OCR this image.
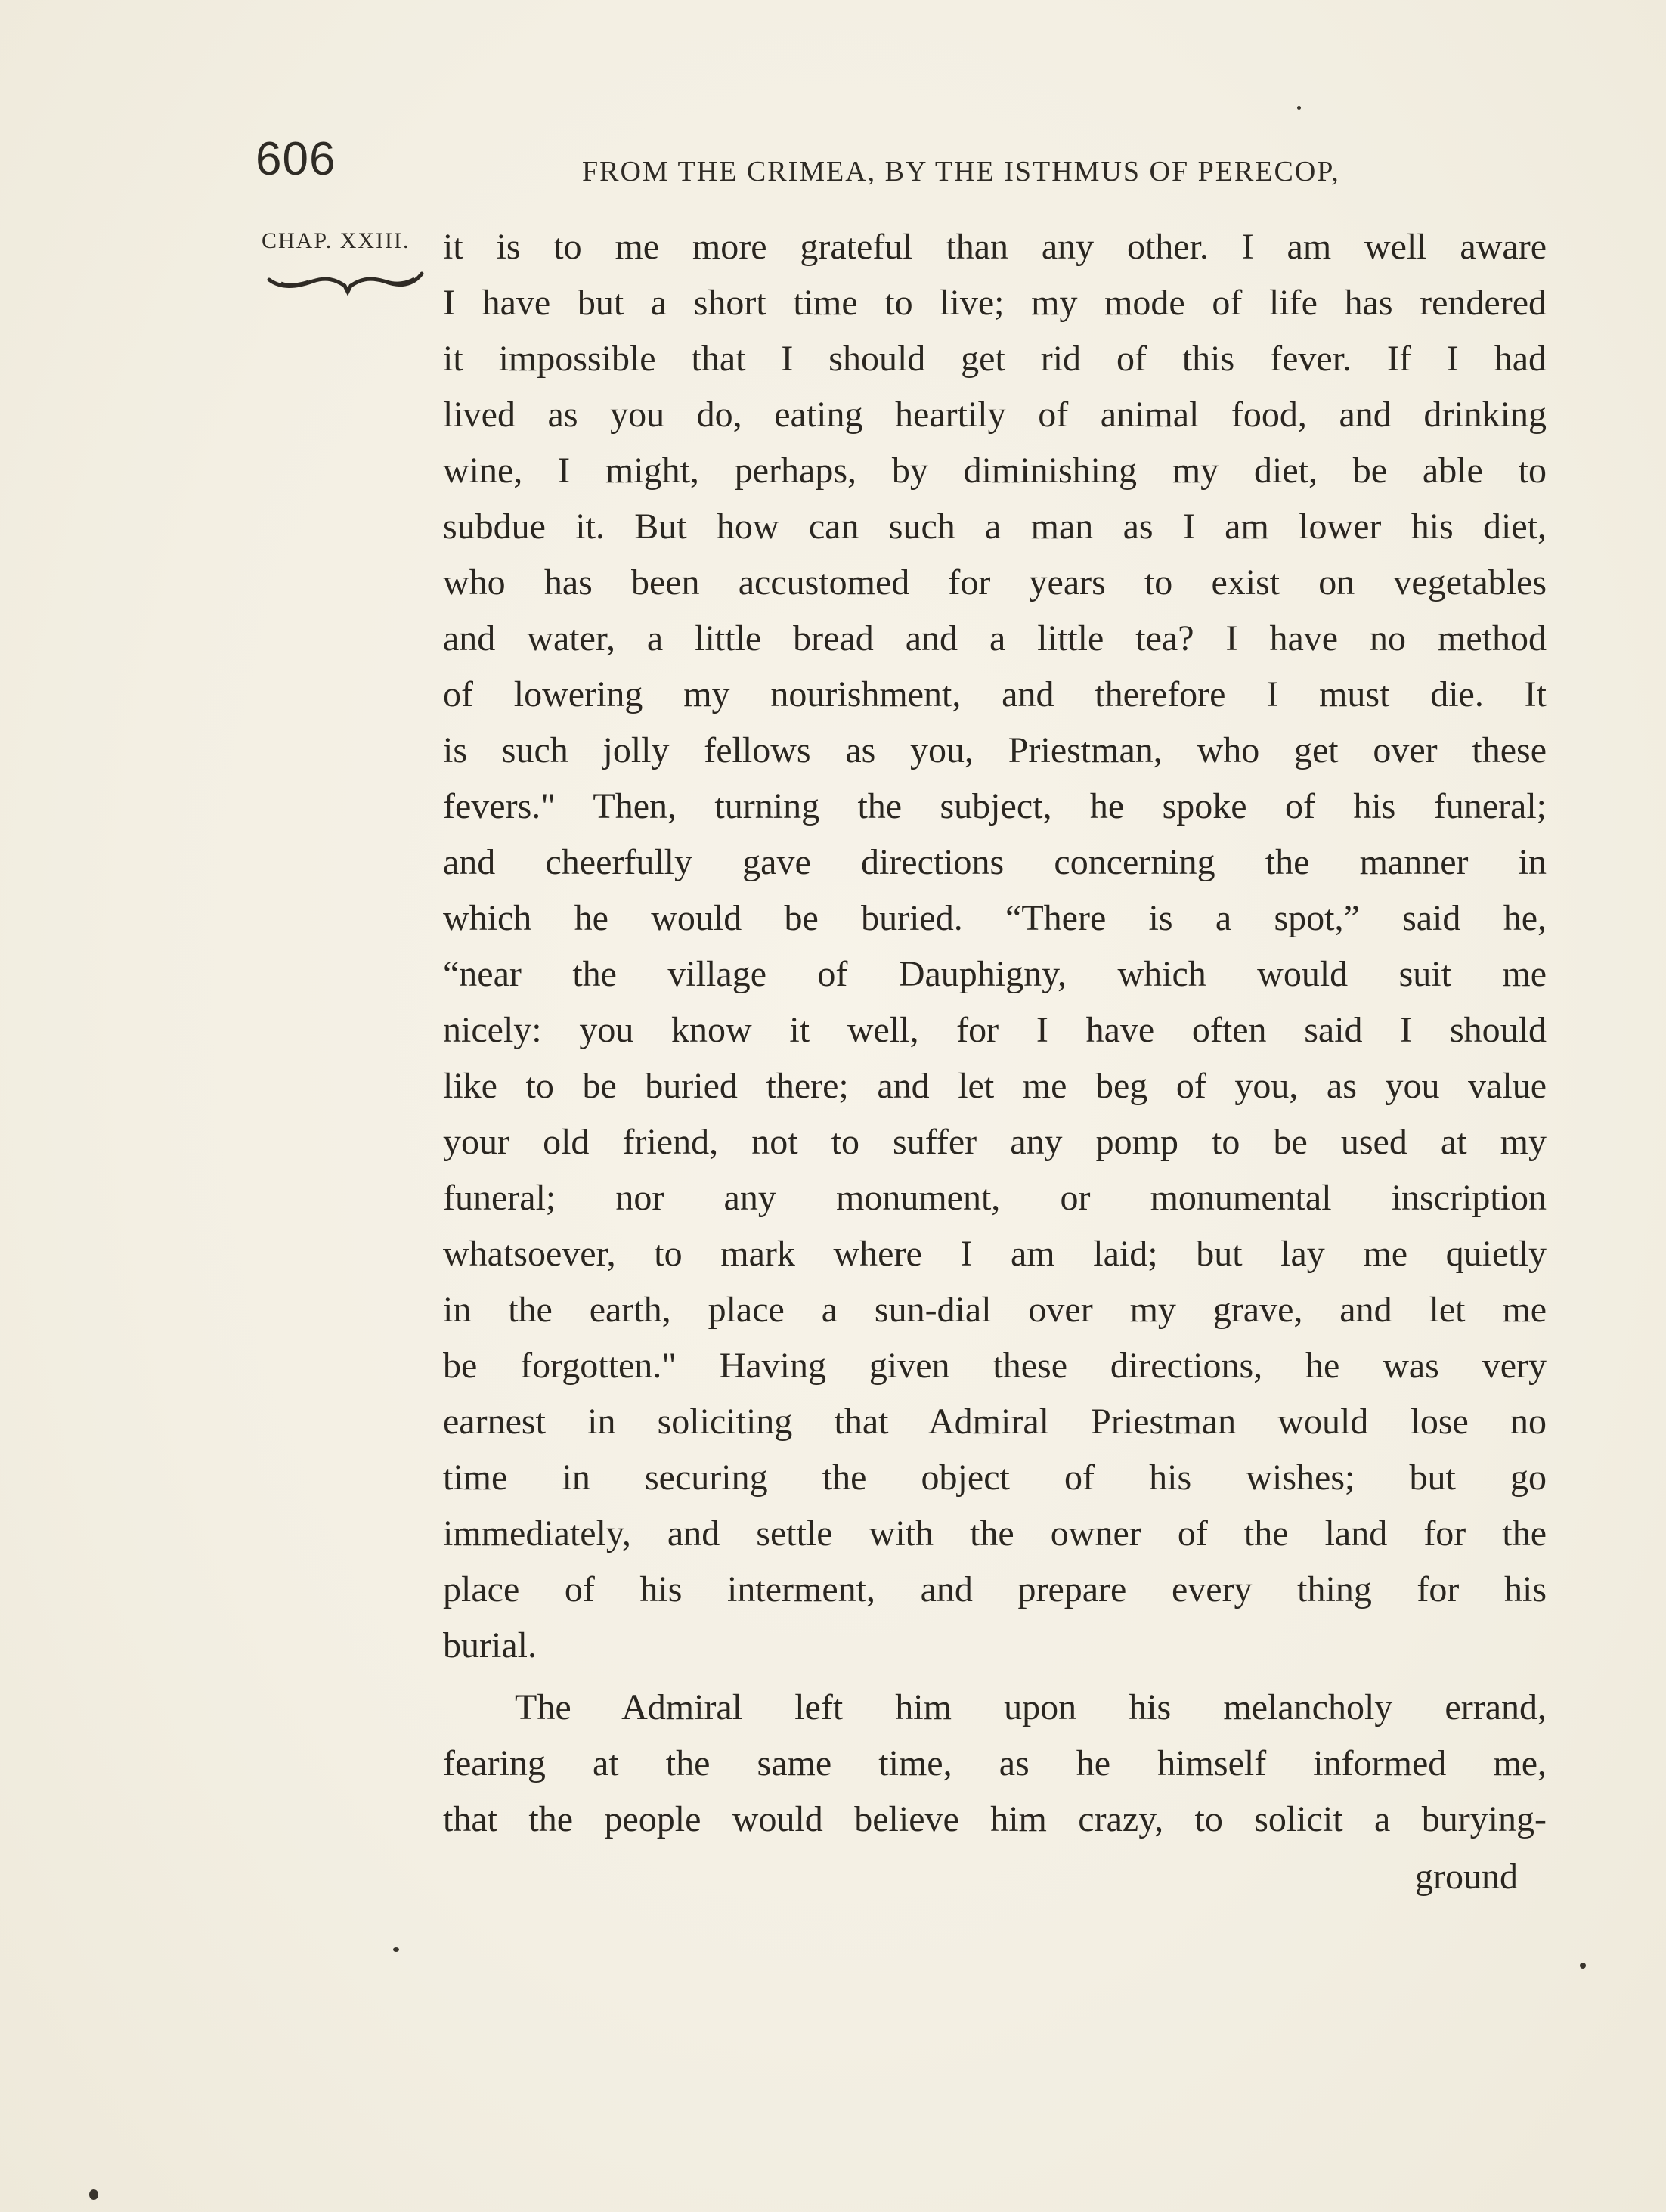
606	FROM THE CRIMEA, BY THE ISTHMUS OF PERECOP,
CHAP. XXIII. it is to me more grateful than any other. I am well aware
I have but a short time to live; my mode of life has rendered
it impossible that I should get rid of this fever. If I had
lived as you do, eating heartily of animal food, and drinking
wine, I might, perhaps, by diminishing my diet, be able to
subdue it. But how can such a man as I am lower his diet,
who has been accustomed for years to exist on vegetables
and water, a little bread and a little tea? I have no method
of lowering my nourishment, and therefore I must die. It
is such jolly fellows as you, Priestman, who get over these
fevers." Then, turning the subject, he spoke of his funeral;
and cheerfully gave directions concerning the manner in
which he would be buried. “There is a spot,” said he,
“near the village of Dauphigny, which would suit me
nicely: you know it well, for I have often said I should
like to be buried there; and let me beg of you, as you value
your old friend, not to suffer any pomp to be used at my
funeral; nor any monument, or monumental inscription
whatsoever, to mark where I am laid; but lay me quietly
in the earth, place a sun-dial over my grave, and let me
be forgotten." Having given these directions, he was very
earnest in soliciting that Admiral Priestman would lose no
time in securing the object of his wishes; but go
immediately, and settle with the owner of the land for the
place of his interment, and prepare every thing for his
burial.
The Admiral left him upon his melancholy errand,
fearing at the same time, as he himself informed me,
that the people would believe him crazy, to solicit a burying-
ground
